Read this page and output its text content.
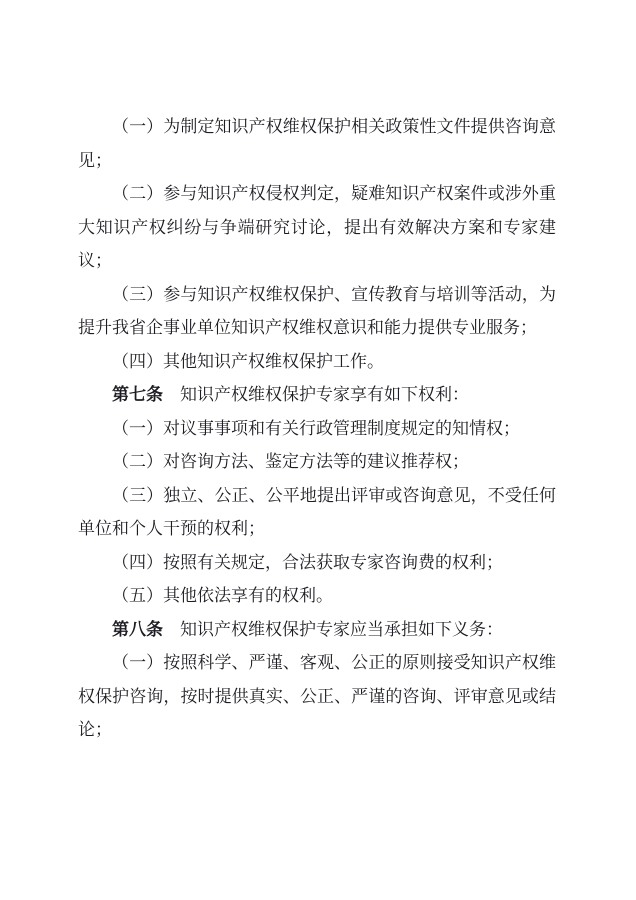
（一）为制定知识产权维权保护相关政策性文件提供咨询意
见；
（二）参与知识产权侵权判定，疑难知识产权案件或涉外重
大知识产权纠纷与争端研究讨论，提出有效解决方案和专家建
议；
（三）参与知识产权维权保护、宣传教育与培训等活动，为
提升我省企事业单位知识产权维权意识和能力提供专业服务；
（四）其他知识产权维权保护工作。
第七条　知识产权维权保护专家享有如下权利：
（一）对议事事项和有关行政管理制度规定的知情权；
（二）对咨询方法、鉴定方法等的建议推荐权；
（三）独立、公正、公平地提出评审或咨询意见，不受任何
单位和个人干预的权利；
（四）按照有关规定，合法获取专家咨询费的权利；
（五）其他依法享有的权利。
第八条　知识产权维权保护专家应当承担如下义务：
（一）按照科学、严谨、客观、公正的原则接受知识产权维
权保护咨询，按时提供真实、公正、严谨的咨询、评审意见或结
论；
